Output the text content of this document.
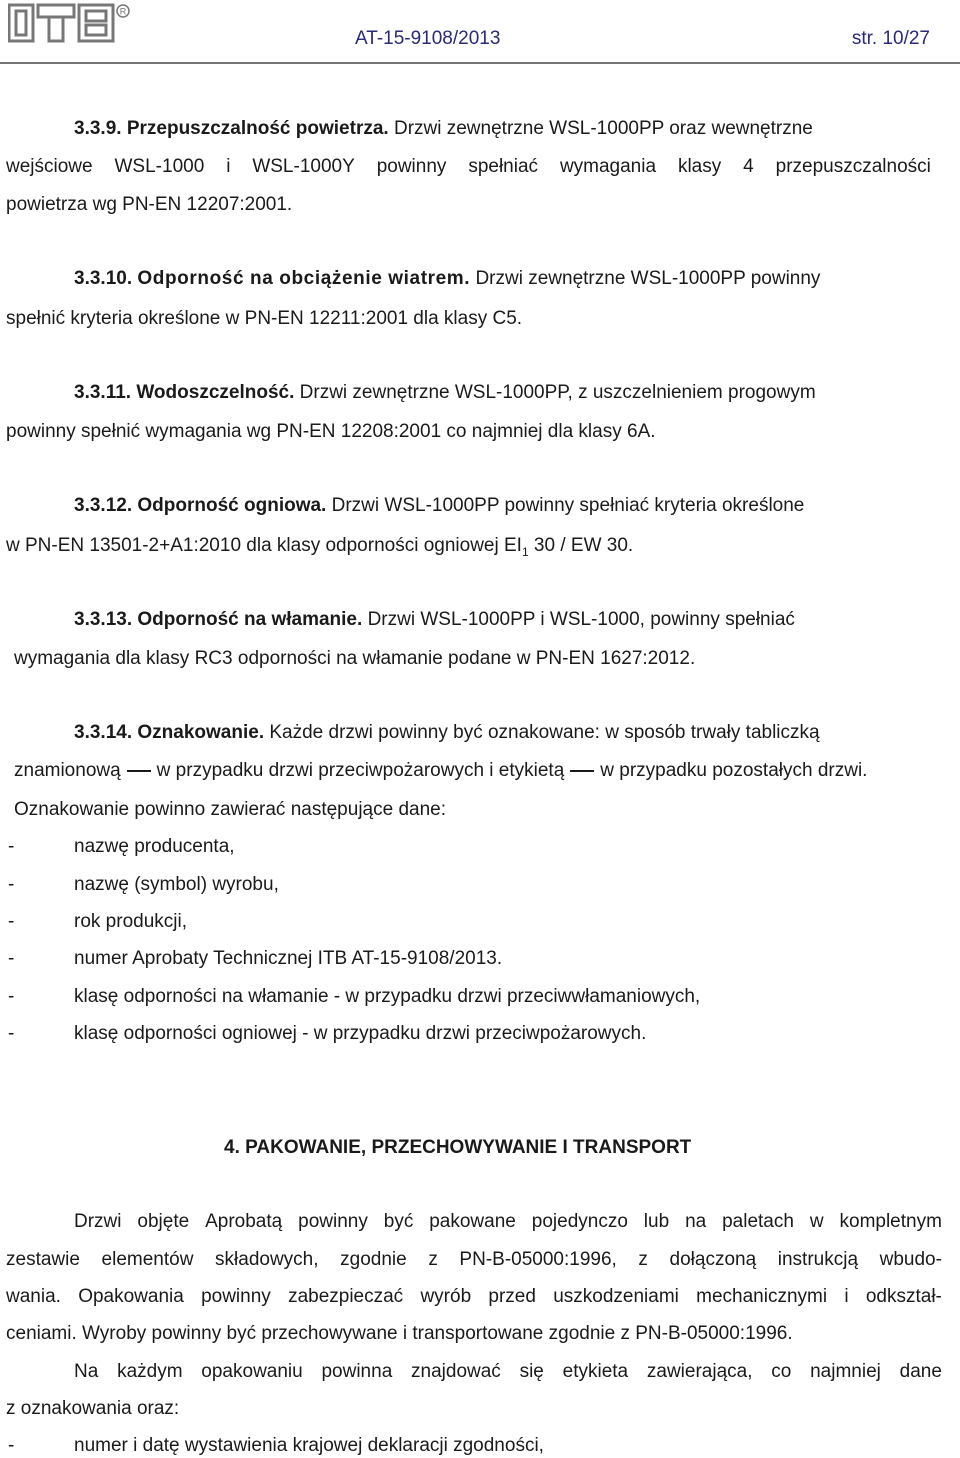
R
AT-15-9108/2013	str. 10/27
3.3.9. Przepuszczalność powietrza. Drzwi zewnętrzne WSL-1000PP oraz wewnętrzne
wejściowe WSL-1000 i WSL-1000Y powinny spełniać wymagania klasy 4 przepuszczalności
powietrza wg PN-EN 12207:2001.
3.3.10. Odporność na obciążenie wiatrem. Drzwi zewnętrzne WSL-1000PP powinny
spełnić kryteria określone w PN-EN 12211:2001 dla klasy C5.
3.3.11. Wodoszczelność. Drzwi zewnętrzne WSL-1000PP, z uszczelnieniem progowym
powinny spełnić wymagania wg PN-EN 12208:2001 co najmniej dla klasy 6A.
3.3.12. Odporność ogniowa. Drzwi WSL-1000PP powinny spełniać kryteria określone
w PN-EN 13501-2+A1:2010 dla klasy odporności ogniowej $EI_1$ 30 / EW 30.
3.3.13. Odporność na włamanie. Drzwi WSL-1000PP i WSL-1000, powinny spełniać
wymagania dla klasy RC3 odporności na włamanie podane w PN-EN 1627:2012.
3.3.14. Oznakowanie. Każde drzwi powinny być oznakowane: w sposób trwały tabliczką
znamionową w przypadku drzwi przeciwpożarowych i etykietą w przypadku pozostałych drzwi.
Oznakowanie powinno zawierać następujące dane:
-	nazwę producenta,
-	nazwę (symbol) wyrobu,
-	rok produkcji,
-	numer Aprobaty Technicznej ITB AT-15-9108/2013.
-	klasę odporności na włamanie - w przypadku drzwi przeciwwłamaniowych,
-	klasę odporności ogniowej - w przypadku drzwi przeciwpożarowych.
4. PAKOWANIE, PRZECHOWYWANIE I TRANSPORT
Drzwi objęte Aprobatą powinny być pakowane pojedynczo lub na paletach w kompletnym
zestawie elementów składowych, zgodnie z PN-B-05000:1996, z dołączoną instrukcją wbudo-
wania. Opakowania powinny zabezpieczać wyrób przed uszkodzeniami mechanicznymi i odkształ-
ceniami. Wyroby powinny być przechowywane i transportowane zgodnie z PN-B-05000:1996.
Na każdym opakowaniu powinna znajdować się etykieta zawierająca, co najmniej dane
z oznakowania oraz:
-	numer i datę wystawienia krajowej deklaracji zgodności,
